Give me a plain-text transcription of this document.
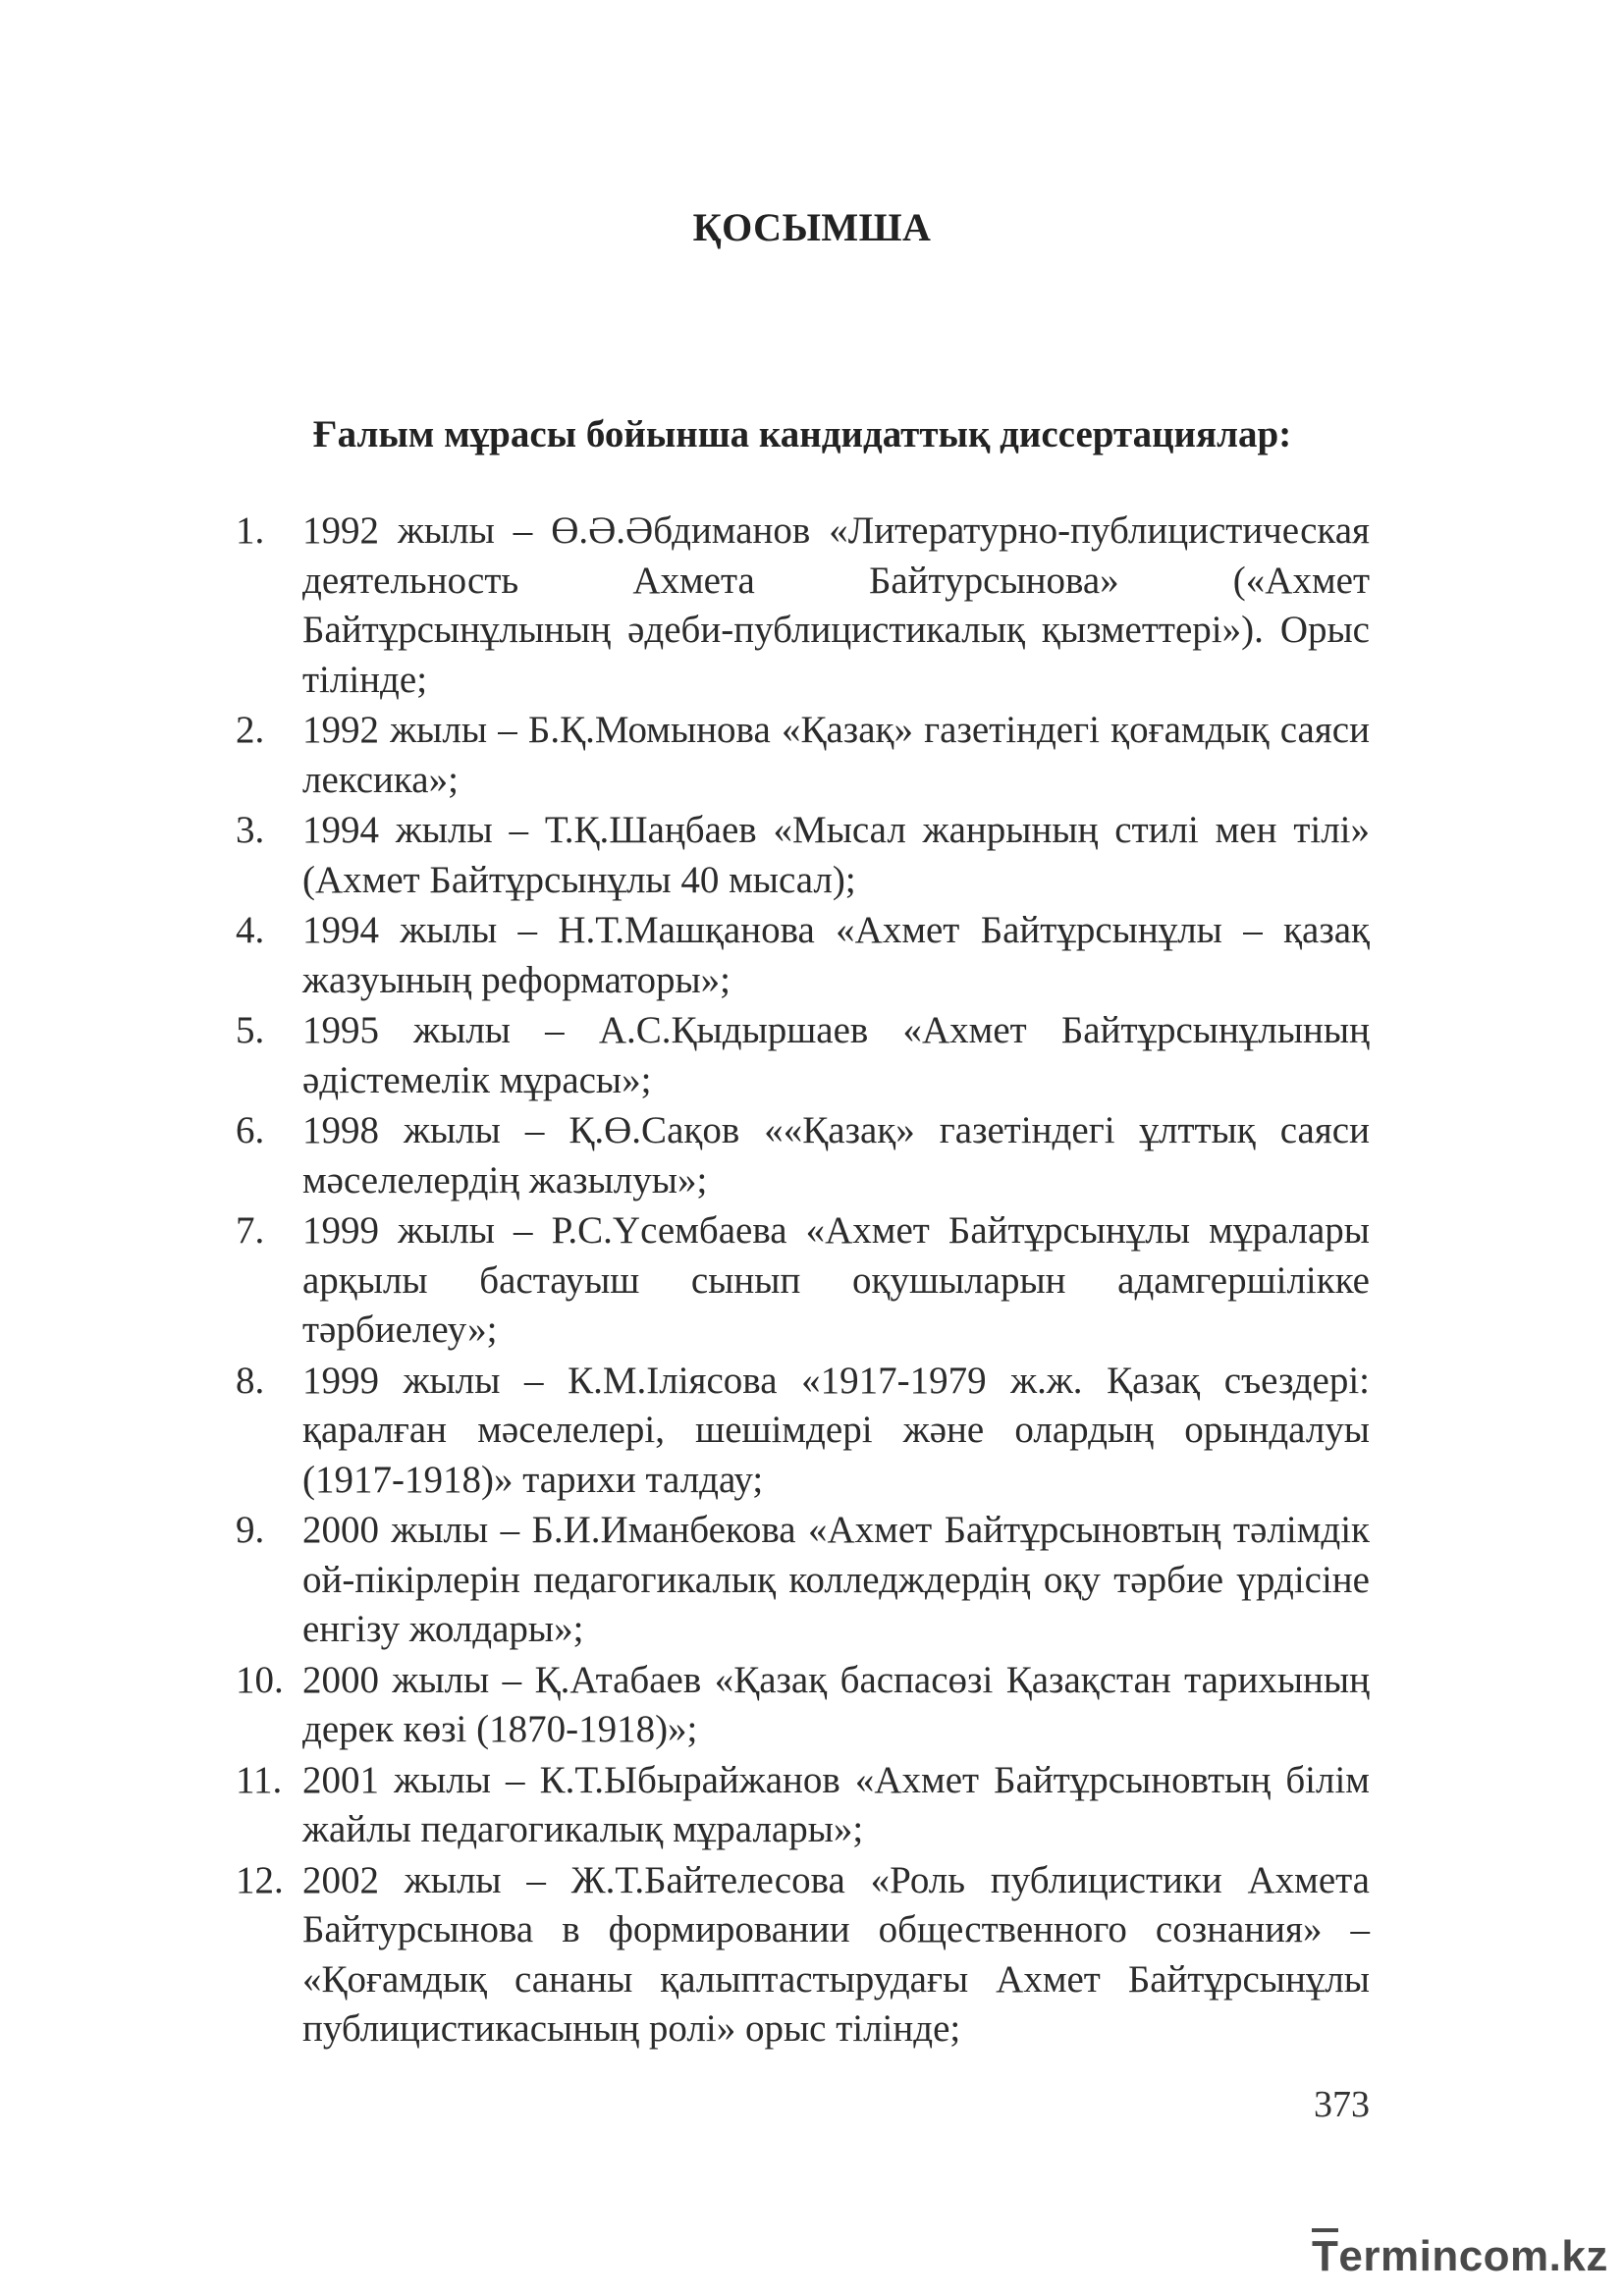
ҚОСЫМША
Ғалым мұрасы бойынша кандидаттық диссертациялар:
1. 1992 жылы – Ө.Ә.Әбдиманов «Литературно-публицистическая деятельность Ахмета Байтурсынова» («Ахмет Байтұрсынұлының әдеби-публицистикалық қызметтері»). Орыс тілінде;
2. 1992 жылы – Б.Қ.Момынова «Қазақ» газетіндегі қоғамдық саяси лексика»;
3. 1994 жылы – Т.Қ.Шаңбаев «Мысал жанрының стилі мен тілі» (Ахмет Байтұрсынұлы 40 мысал);
4. 1994 жылы – Н.Т.Машқанова «Ахмет Байтұрсынұлы – қазақ жазуының реформаторы»;
5. 1995 жылы – А.С.Қыдыршаев «Ахмет Байтұрсынұлының әдістемелік мұрасы»;
6. 1998 жылы – Қ.Ө.Сақов ««Қазақ» газетіндегі ұлттық саяси мәселелердің жазылуы»;
7. 1999 жылы – Р.С.Үсембаева «Ахмет Байтұрсынұлы мұралары арқылы бастауыш сынып оқушыларын адамгершілікке тәрбиелеу»;
8. 1999 жылы – К.М.Іліясова «1917-1979 ж.ж. Қазақ съездері: қаралған мәселелері, шешімдері және олардың орындалуы (1917-1918)» тарихи талдау;
9. 2000 жылы – Б.И.Иманбекова «Ахмет Байтұрсыновтың тәлімдік ой-пікірлерін педагогикалық колледждердің оқу тәрбие үрдісіне енгізу жолдары»;
10. 2000 жылы – Қ.Атабаев «Қазақ баспасөзі Қазақстан тарихының дерек көзі (1870-1918)»;
11. 2001 жылы – К.Т.Ыбырайжанов «Ахмет Байтұрсыновтың білім жайлы педагогикалық мұралары»;
12. 2002 жылы – Ж.Т.Байтелесова «Роль публицистики Ахмета Байтурсынова в формировании общественного сознания» – «Қоғамдық сананы қалыптастырудағы Ахмет Байтұрсынұлы публицистикасының ролі» орыс тілінде;
373
Termincom.kz
